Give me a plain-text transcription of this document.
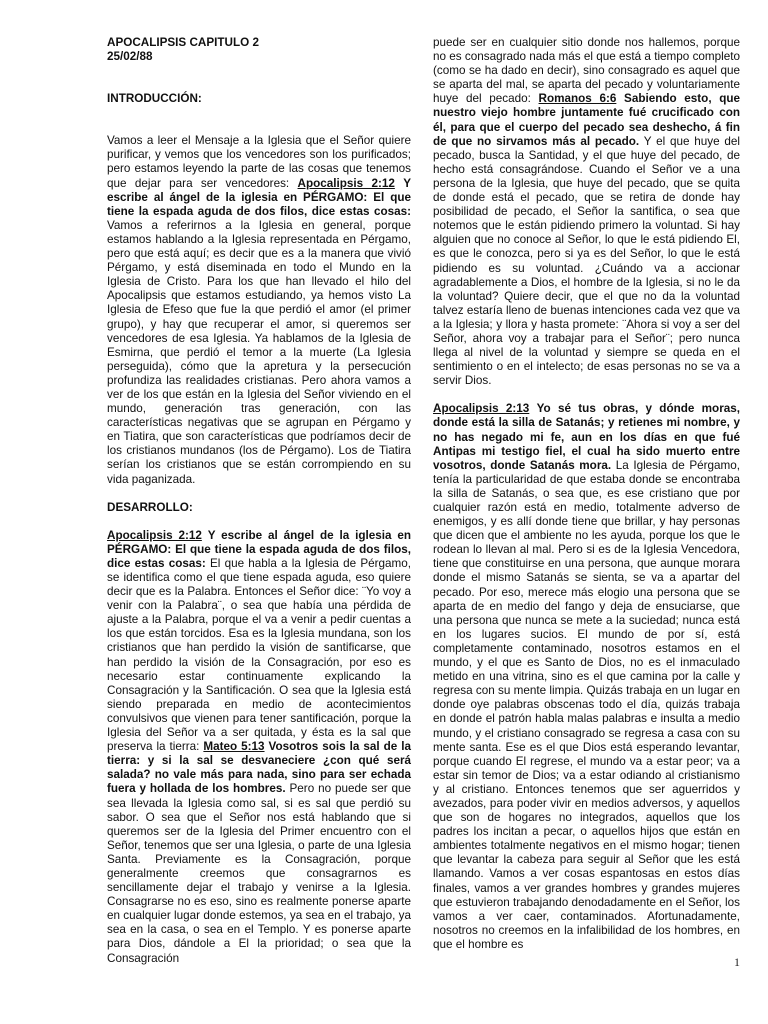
APOCALIPSIS CAPITULO 2

25/02/88

INTRODUCCIÓN:

Vamos a leer el Mensaje a la Iglesia que el Señor quiere purificar, y vemos que los vencedores son los purificados; pero estamos leyendo la parte de las cosas que tenemos que dejar para ser vencedores: Apocalipsis 2:12 Y escribe al ángel de la iglesia en PÉRGAMO: El que tiene la espada aguda de dos filos, dice estas cosas: Vamos a referirnos a la Iglesia en general, porque estamos hablando a la Iglesia representada en Pérgamo, pero que está aquí; es decir que es a la manera que vivió Pérgamo, y está diseminada en todo el Mundo en la Iglesia de Cristo. Para los que han llevado el hilo del Apocalipsis que estamos estudiando, ya hemos visto La Iglesia de Efeso que fue la que perdió el amor (el primer grupo), y hay que recuperar el amor, si queremos ser vencedores de esa Iglesia. Ya hablamos de la Iglesia de Esmirna, que perdió el temor a la muerte (La Iglesia perseguida), cómo que la apretura y la persecución profundiza las realidades cristianas. Pero ahora vamos a ver de los que están en la Iglesia del Señor viviendo en el mundo, generación tras generación, con las características negativas que se agrupan en Pérgamo y en Tiatira, que son características que podríamos decir de los cristianos mundanos (los de Pérgamo). Los de Tiatira serían los cristianos que se están corrompiendo en su vida paganizada.

DESARROLLO:

Apocalipsis 2:12 Y escribe al ángel de la iglesia en PÉRGAMO: El que tiene la espada aguda de dos filos, dice estas cosas: El que habla a la Iglesia de Pérgamo, se identifica como el que tiene espada aguda, eso quiere decir que es la Palabra. Entonces el Señor dice: ¨Yo voy a venir con la Palabra¨, o sea que había una pérdida de ajuste a la Palabra, porque el va a venir a pedir cuentas a los que están torcidos. Esa es la Iglesia mundana, son los cristianos que han perdido la visión de santificarse, que han perdido la visión de la Consagración, por eso es necesario estar continuamente explicando la Consagración y la Santificación. O sea que la Iglesia está siendo preparada en medio de acontecimientos convulsivos que vienen para tener santificación, porque la Iglesia del Señor va a ser quitada, y ésta es la sal que preserva la tierra: Mateo 5:13 Vosotros sois la sal de la tierra: y si la sal se desvaneciere ¿con qué será salada? no vale más para nada, sino para ser echada fuera y hollada de los hombres. Pero no puede ser que sea llevada la Iglesia como sal, si es sal que perdió su sabor. O sea que el Señor nos está hablando que si queremos ser de la Iglesia del Primer encuentro con el Señor, tenemos que ser una Iglesia, o parte de una Iglesia Santa. Previamente es la Consagración, porque generalmente creemos que consagrarnos es sencillamente dejar el trabajo y venirse a la Iglesia. Consagrarse no es eso, sino es realmente ponerse aparte en cualquier lugar donde estemos, ya sea en el trabajo, ya sea en la casa, o sea en el Templo. Y es ponerse aparte para Dios, dándole a El la prioridad; o sea que la Consagración

puede ser en cualquier sitio donde nos hallemos, porque no es consagrado nada más el que está a tiempo completo (como se ha dado en decir), sino consagrado es aquel que se aparta del mal, se aparta del pecado y voluntariamente huye del pecado: Romanos 6:6 Sabiendo esto, que nuestro viejo hombre juntamente fué crucificado con él, para que el cuerpo del pecado sea deshecho, á fin de que no sirvamos más al pecado. Y el que huye del pecado, busca la Santidad, y el que huye del pecado, de hecho está consagrándose. Cuando el Señor ve a una persona de la Iglesia, que huye del pecado, que se quita de donde está el pecado, que se retira de donde hay posibilidad de pecado, el Señor la santifica, o sea que notemos que le están pidiendo primero la voluntad. Si hay alguien que no conoce al Señor, lo que le está pidiendo El, es que le conozca, pero si ya es del Señor, lo que le está pidiendo es su voluntad. ¿Cuándo va a accionar agradablemente a Dios, el hombre de la Iglesia, si no le da la voluntad? Quiere decir, que el que no da la voluntad talvez estaría lleno de buenas intenciones cada vez que va a la Iglesia; y llora y hasta promete: ¨Ahora si voy a ser del Señor, ahora voy a trabajar para el Señor¨; pero nunca llega al nivel de la voluntad y siempre se queda en el sentimiento o en el intelecto; de esas personas no se va a servir Dios.

Apocalipsis 2:13 Yo sé tus obras, y dónde moras, donde está la silla de Satanás; y retienes mi nombre, y no has negado mi fe, aun en los días en que fué Antipas mi testigo fiel, el cual ha sido muerto entre vosotros, donde Satanás mora. La Iglesia de Pérgamo, tenía la particularidad de que estaba donde se encontraba la silla de Satanás, o sea que, es ese cristiano que por cualquier razón está en medio, totalmente adverso de enemigos, y es allí donde tiene que brillar, y hay personas que dicen que el ambiente no les ayuda, porque los que le rodean lo llevan al mal. Pero si es de la Iglesia Vencedora, tiene que constituirse en una persona, que aunque morara donde el mismo Satanás se sienta, se va a apartar del pecado. Por eso, merece más elogio una persona que se aparta de en medio del fango y deja de ensuciarse, que una persona que nunca se mete a la suciedad; nunca está en los lugares sucios. El mundo de por sí, está completamente contaminado, nosotros estamos en el mundo, y el que es Santo de Dios, no es el inmaculado metido en una vitrina, sino es el que camina por la calle y regresa con su mente limpia. Quizás trabaja en un lugar en donde oye palabras obscenas todo el día, quizás trabaja en donde el patrón habla malas palabras e insulta a medio mundo, y el cristiano consagrado se regresa a casa con su mente santa. Ese es el que Dios está esperando levantar, porque cuando El regrese, el mundo va a estar peor; va a estar sin temor de Dios; va a estar odiando al cristianismo y al cristiano. Entonces tenemos que ser aguerridos y avezados, para poder vivir en medios adversos, y aquellos que son de hogares no integrados, aquellos que los padres los incitan a pecar, o aquellos hijos que están en ambientes totalmente negativos en el mismo hogar; tienen que levantar la cabeza para seguir al Señor que les está llamando. Vamos a ver cosas espantosas en estos días finales, vamos a ver grandes hombres y grandes mujeres que estuvieron trabajando denodadamente en el Señor, los vamos a ver caer, contaminados. Afortunadamente, nosotros no creemos en la infalibilidad de los hombres, en que el hombre es

1
